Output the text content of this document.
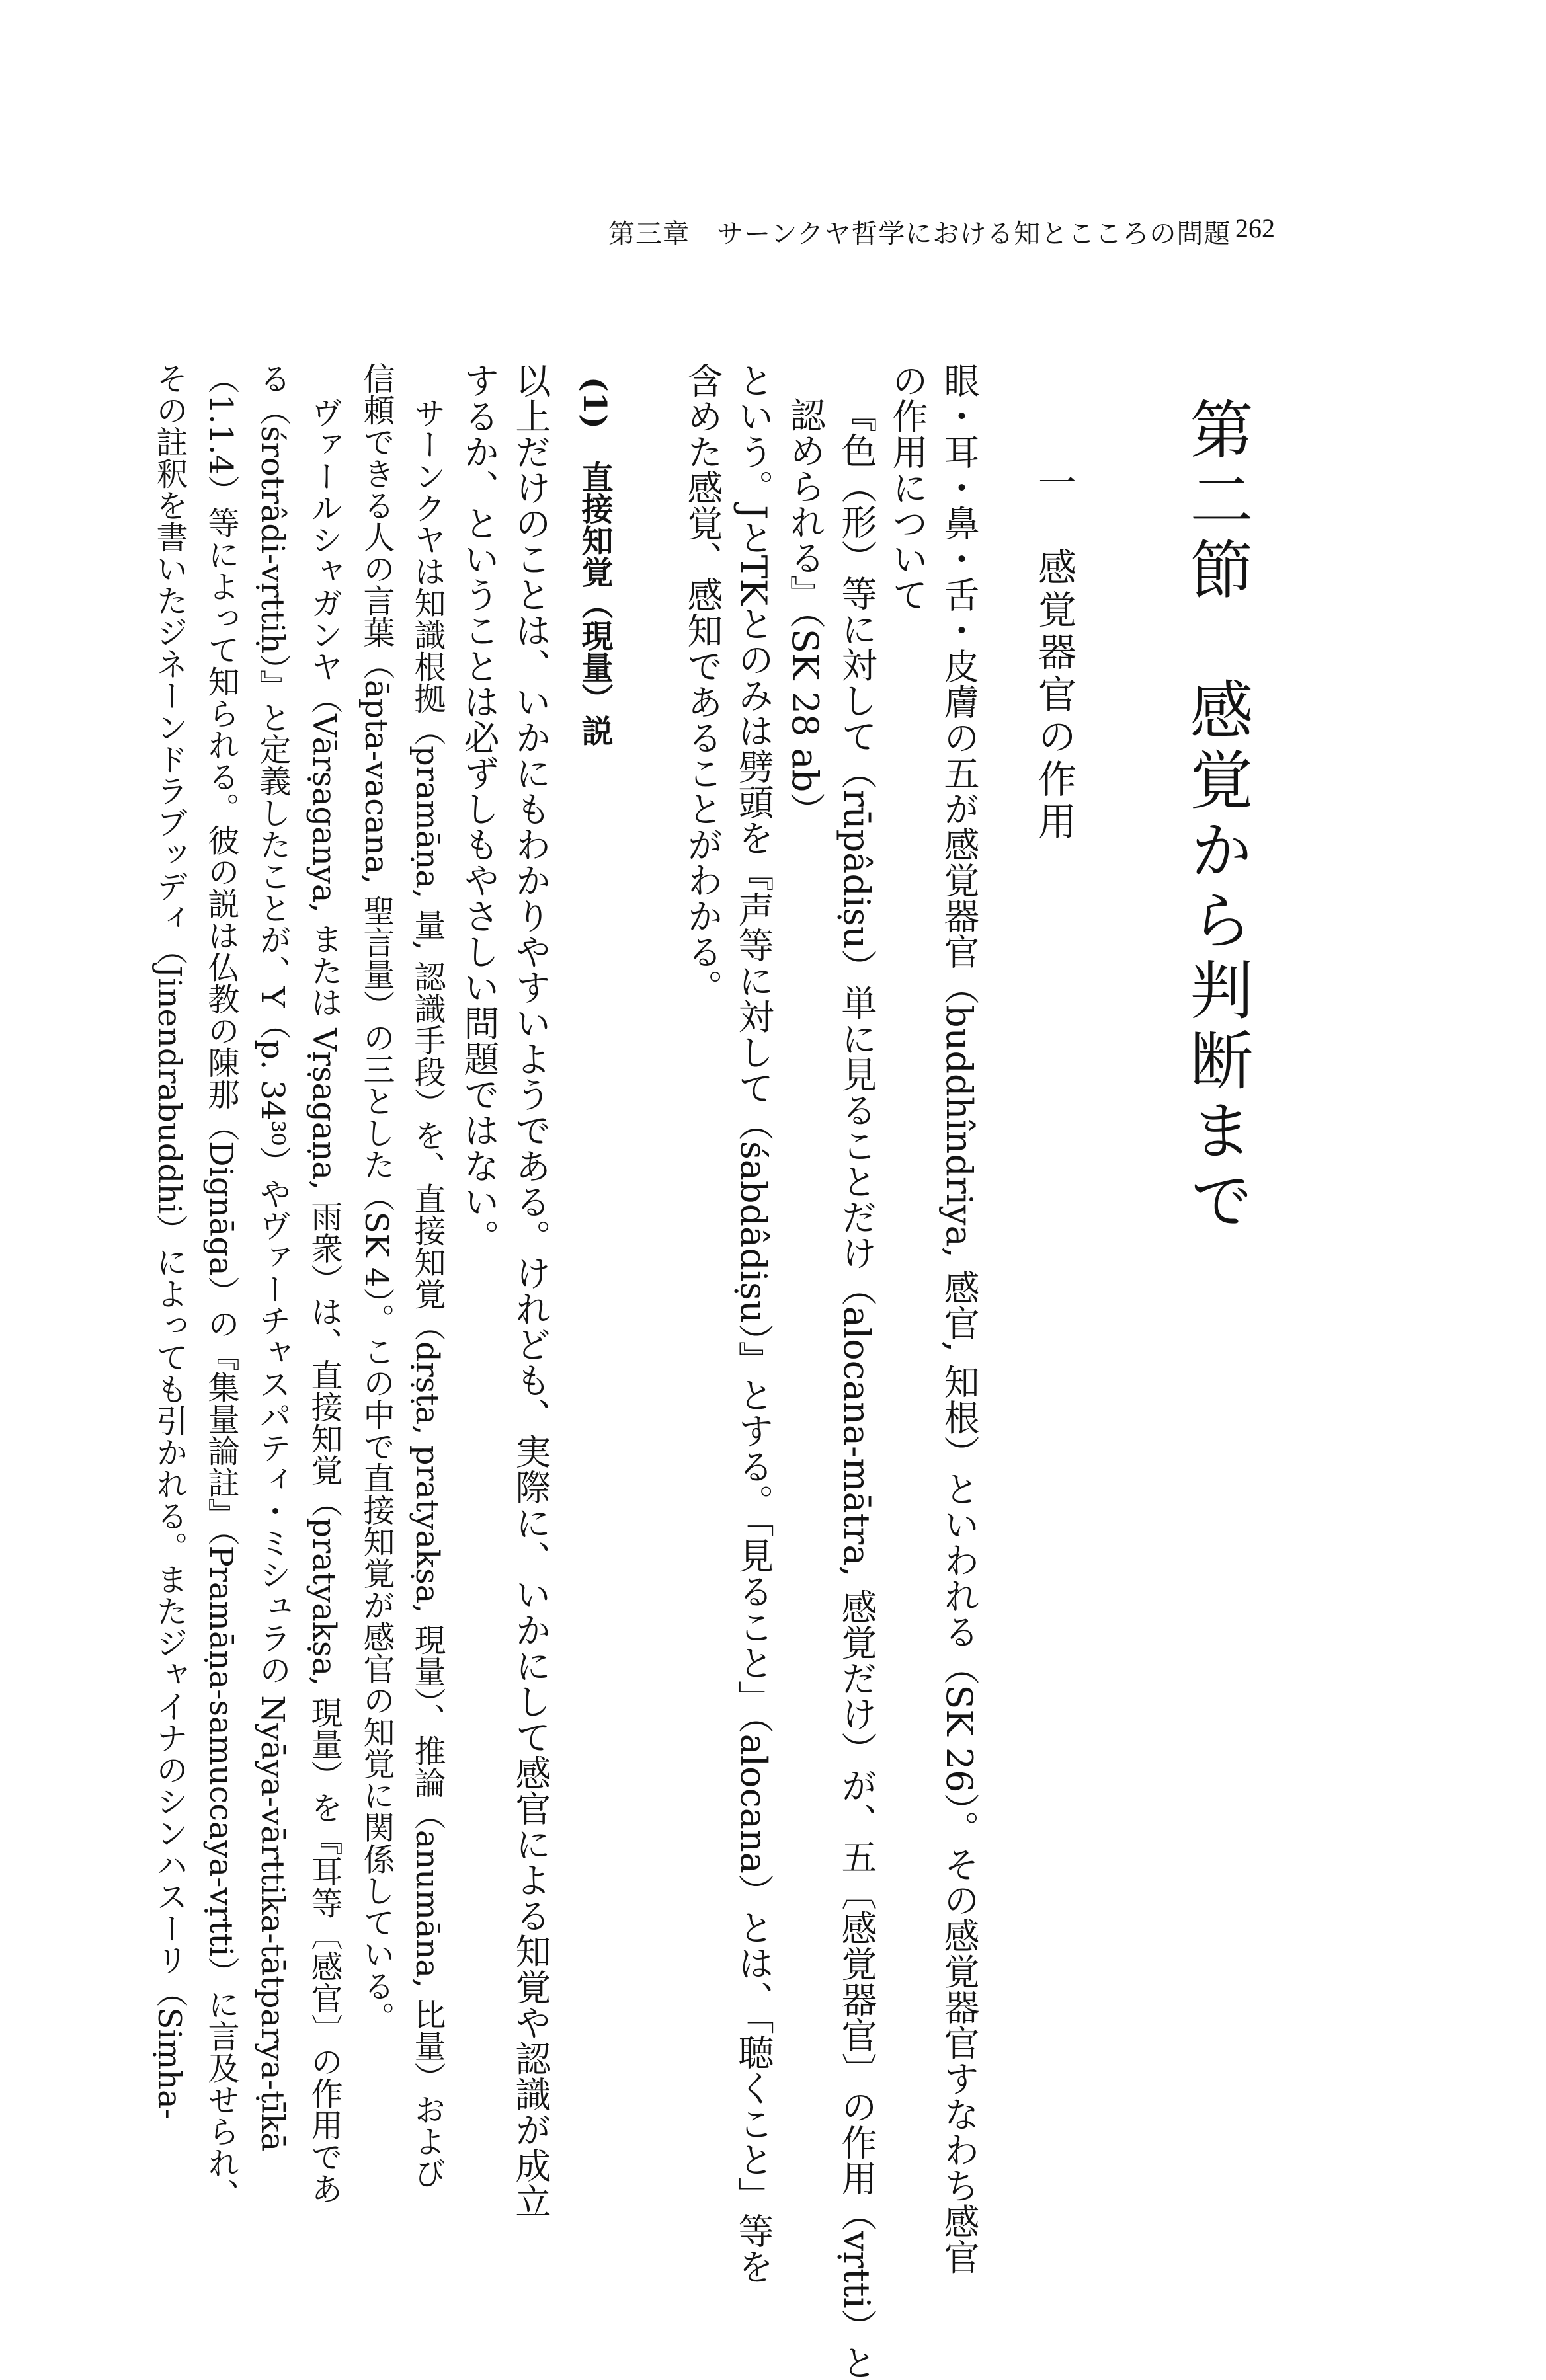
第三章　サーンクヤ哲学における知とこころの問題 262
第二節　感覚から判断まで
一　感覚器官の作用
眼・耳・鼻・舌・皮膚の五が感覚器官（buddhîndriya, 感官, 知根）といわれる（SK 26）。その感覚器官すなわち感官
の作用について
『色（形）等に対して（rūpâdiṣu）単に見ることだけ（alocana-mātra, 感覚だけ）が、五〔感覚器官〕の作用（vṛtti）と
認められる』（SK 28 ab）
という。JとTKとのみは劈頭を『声等に対して（śabdâdiṣu）』とする。「見ること」（alocana）とは、「聴くこと」等を
含めた感覚、感知であることがわかる。
(1)　直接知覚（現量）説
以上だけのことは、いかにもわかりやすいようである。けれども、実際に、いかにして感官による知覚や認識が成立
するか、ということは必ずしもやさしい問題ではない。
サーンクヤは知識根拠（pramāṇa, 量, 認識手段）を、直接知覚（dṛṣṭa, pratyakṣa, 現量）、推論（anumāna, 比量）および
信頼できる人の言葉（āpta-vacana, 聖言量）の三とした（SK 4）。この中で直接知覚が感官の知覚に関係している。
ヴァールシャガンヤ（Vārṣaganya, または Vṛṣagaṇa, 雨衆）は、直接知覚（pratyakṣa, 現量）を『耳等〔感官〕の作用であ
る（śrotrâdi-vṛttiḥ）』と定義したことが、Y（p. 34³⁰）やヴァーチャスパティ・ミシュラの Nyāya-vārttika-tātparya-ṭīkā
（1.1.4）等によって知られる。彼の説は仏教の陳那（Dignāga）の『集量論註』（Pramāṇa-samuccaya-vṛtti）に言及せられ、
その註釈を書いたジネーンドラブッディ（Jinendrabuddhi）によっても引かれる。またジャイナのシンハスーリ（Siṃha-
